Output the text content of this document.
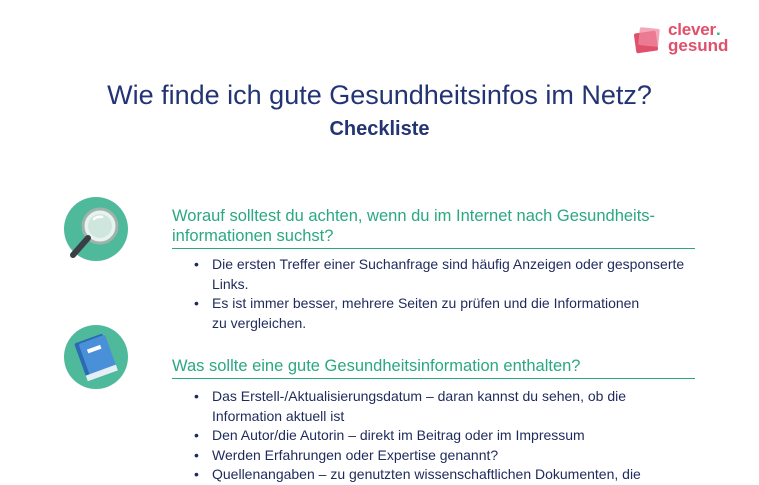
clever.
gesund
Wie finde ich gute Gesundheitsinfos im Netz?
Checkliste
Worauf solltest du achten, wenn du im Internet nach Gesundheits-
informationen suchst?
• Die ersten Treffer einer Suchanfrage sind häufig Anzeigen oder gesponserte
Links.
• Es ist immer besser, mehrere Seiten zu prüfen und die Informationen
zu vergleichen.
Was sollte eine gute Gesundheitsinformation enthalten?
• Das Erstell-/Aktualisierungsdatum – daran kannst du sehen, ob die
Information aktuell ist
• Den Autor/die Autorin – direkt im Beitrag oder im Impressum
• Werden Erfahrungen oder Expertise genannt?
• Quellenangaben – zu genutzten wissenschaftlichen Dokumenten, die
